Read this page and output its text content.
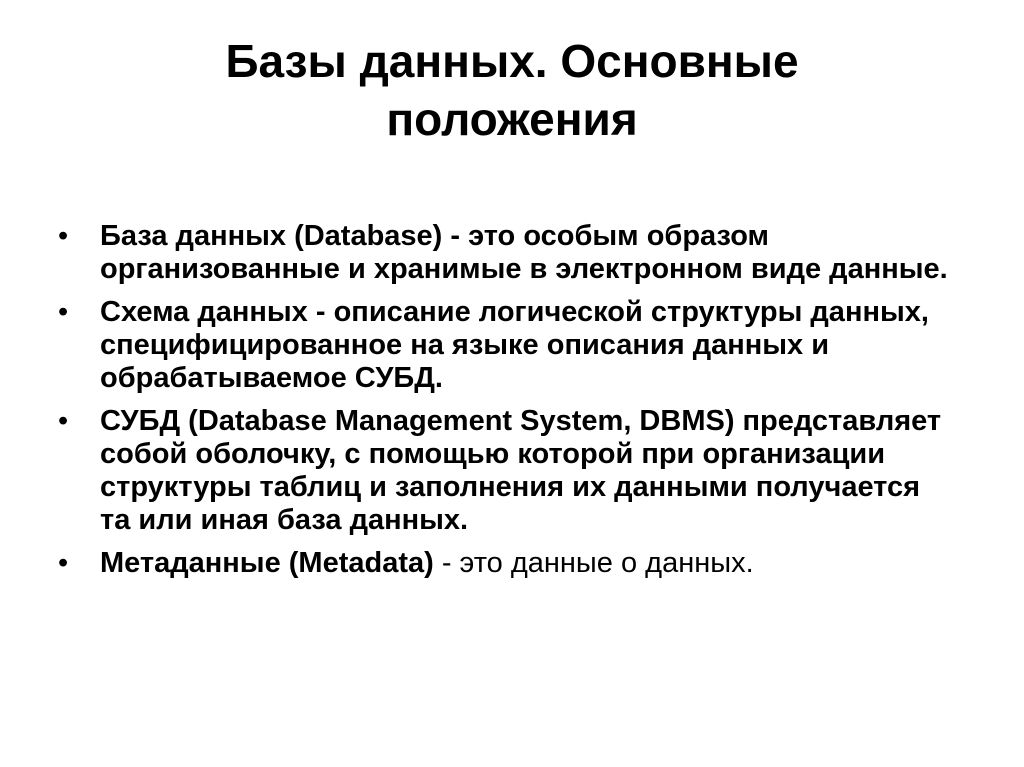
Базы данных. Основные
положения
• База данных (Database) - это особым образом организованные и хранимые в электронном виде данные.
• Схема данных - описание логической структуры данных, специфицированное на языке описания данных и обрабатываемое СУБД.
• СУБД (Database Management System, DBMS) представляет собой оболочку, с помощью которой при организации структуры таблиц и заполнения их данными получается та или иная база данных.
• Метаданные (Metadata) - это данные о данных.
